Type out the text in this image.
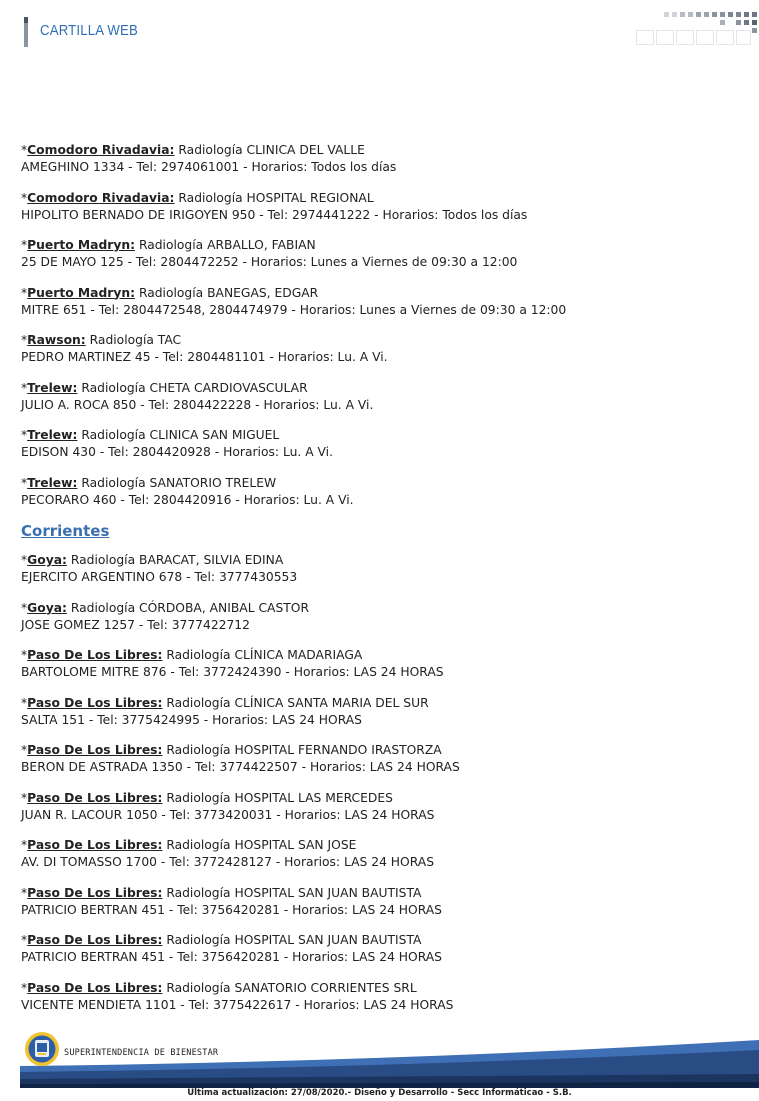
CARTILLA WEB
*Comodoro Rivadavia: Radiología CLINICA DEL VALLE
AMEGHINO 1334 - Tel: 2974061001 - Horarios: Todos los días
*Comodoro Rivadavia: Radiología HOSPITAL REGIONAL
HIPOLITO BERNADO DE IRIGOYEN 950 - Tel: 2974441222 - Horarios: Todos los días
*Puerto Madryn: Radiología ARBALLO, FABIAN
25 DE MAYO 125 - Tel: 2804472252 - Horarios: Lunes a Viernes de 09:30 a 12:00
*Puerto Madryn: Radiología BANEGAS, EDGAR
MITRE 651 - Tel: 2804472548, 2804474979 - Horarios: Lunes a Viernes de 09:30 a 12:00
*Rawson: Radiología TAC
PEDRO MARTINEZ 45 - Tel: 2804481101 - Horarios: Lu. A Vi.
*Trelew: Radiología CHETA CARDIOVASCULAR
JULIO A. ROCA 850 - Tel: 2804422228 - Horarios: Lu. A Vi.
*Trelew: Radiología CLINICA SAN MIGUEL
EDISON 430 - Tel: 2804420928 - Horarios: Lu. A Vi.
*Trelew: Radiología SANATORIO TRELEW
PECORARO 460 - Tel: 2804420916 - Horarios: Lu. A Vi.
Corrientes
*Goya: Radiología BARACAT, SILVIA EDINA
EJERCITO ARGENTINO 678 - Tel: 3777430553
*Goya: Radiología CÓRDOBA, ANIBAL CASTOR
JOSE GOMEZ 1257 - Tel: 3777422712
*Paso De Los Libres: Radiología CLÍNICA MADARIAGA
BARTOLOME MITRE 876 - Tel: 3772424390 - Horarios: LAS 24 HORAS
*Paso De Los Libres: Radiología CLÍNICA SANTA MARIA DEL SUR
SALTA 151 - Tel: 3775424995 - Horarios: LAS 24 HORAS
*Paso De Los Libres: Radiología HOSPITAL FERNANDO IRASTORZA
BERON DE ASTRADA 1350 - Tel: 3774422507 - Horarios: LAS 24 HORAS
*Paso De Los Libres: Radiología HOSPITAL LAS MERCEDES
JUAN R. LACOUR 1050 - Tel: 3773420031 - Horarios: LAS 24 HORAS
*Paso De Los Libres: Radiología HOSPITAL SAN JOSE
AV. DI TOMASSO 1700 - Tel: 3772428127 - Horarios: LAS 24 HORAS
*Paso De Los Libres: Radiología HOSPITAL SAN JUAN BAUTISTA
PATRICIO BERTRAN 451 - Tel: 3756420281 - Horarios: LAS 24 HORAS
*Paso De Los Libres: Radiología HOSPITAL SAN JUAN BAUTISTA
PATRICIO BERTRAN 451 - Tel: 3756420281 - Horarios: LAS 24 HORAS
*Paso De Los Libres: Radiología SANATORIO CORRIENTES SRL
VICENTE MENDIETA 1101 - Tel: 3775422617 - Horarios: LAS 24 HORAS
SUPERINTENDENCIA DE BIENESTAR
Ultima actualización: 27/08/2020.- Diseño y Desarrollo - Secc Informáticao - S.B.
